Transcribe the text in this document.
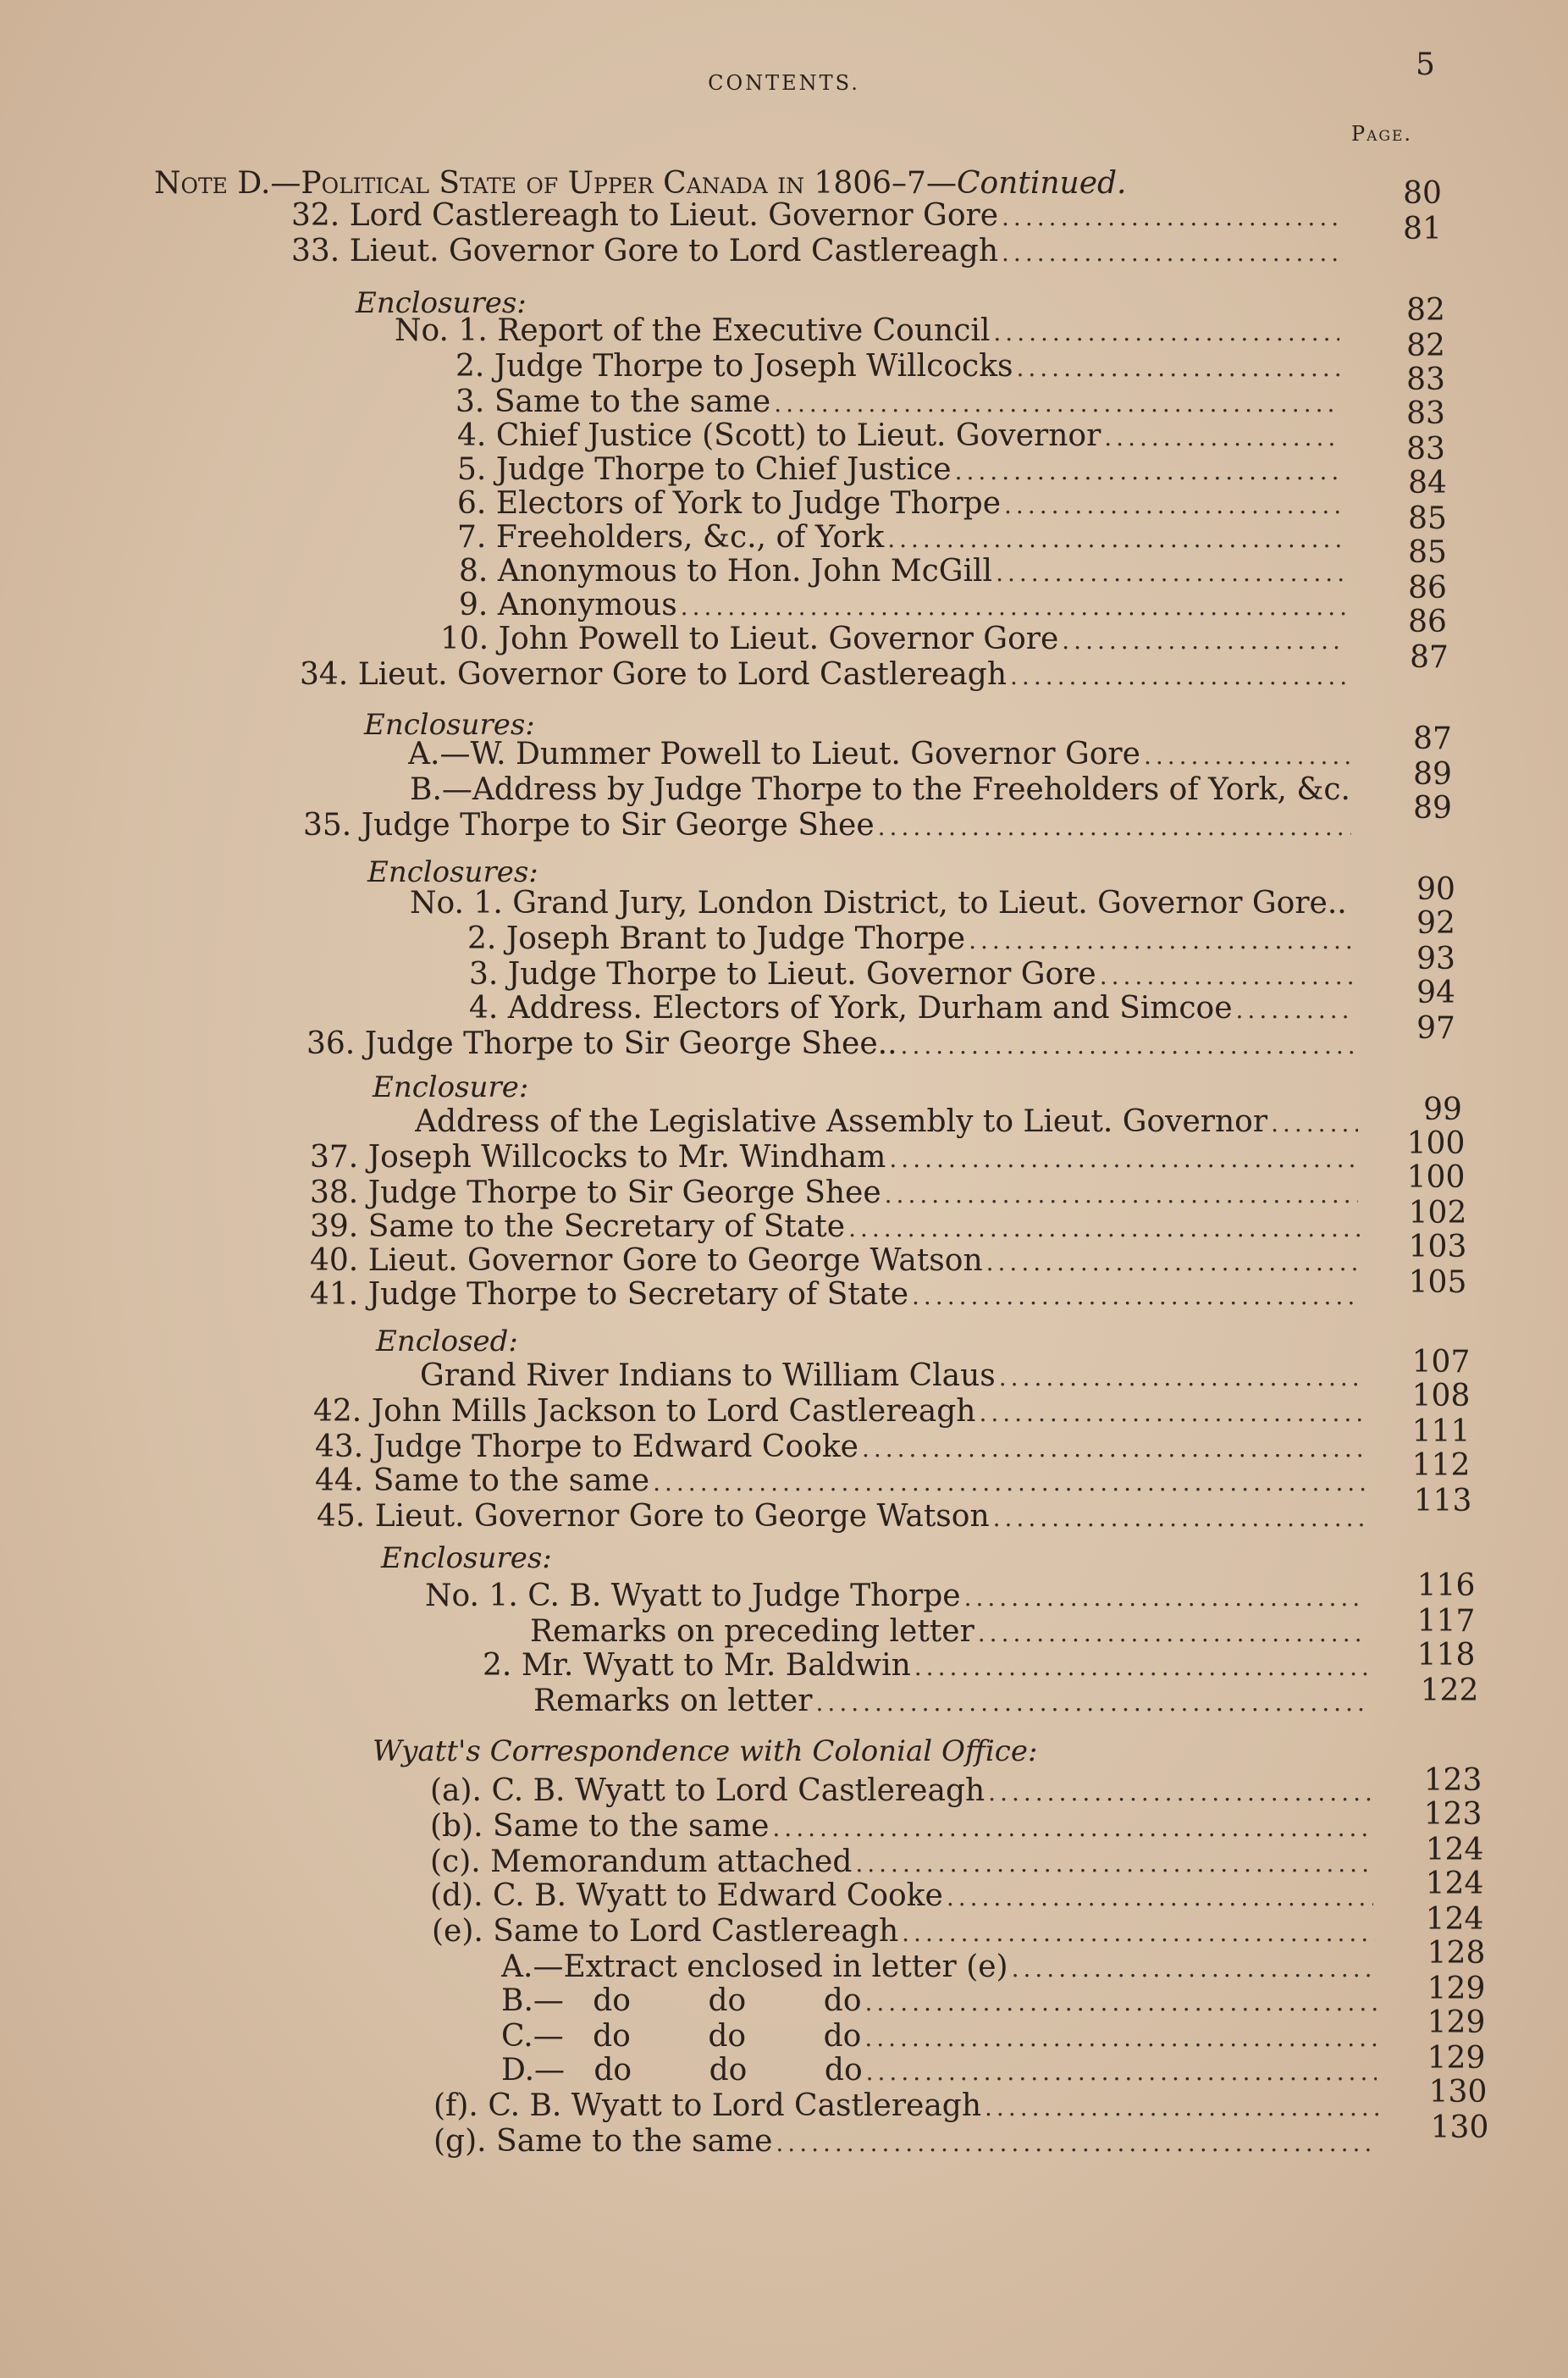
5
CONTENTS.
Page.
Note D.—Political State of Upper Canada in 1806–7—Continued.
Enclosures:
Enclosures:
Enclosures:
Enclosure:
Enclosed:
Enclosures:
Wyatt's Correspondence with Colonial Office:
32. Lord Castlereagh to Lieut. Governor Gore
.....
33. Lieut. Governor Gore to Lord Castlereagh
.....
No. 1. Report of the Executive Council
.....
2. Judge Thorpe to Joseph Willcocks
.....
3. Same to the same
.....
4. Chief Justice (Scott) to Lieut. Governor
.....
5. Judge Thorpe to Chief Justice
.....
6. Electors of York to Judge Thorpe
.....
7. Freeholders, &c., of York
.....
8. Anonymous to Hon. John McGill
.....
9. Anonymous
.....
10. John Powell to Lieut. Governor Gore
.....
34. Lieut. Governor Gore to Lord Castlereagh
.....
A.—W. Dummer Powell to Lieut. Governor Gore
.....
B.—Address by Judge Thorpe to the Freeholders of York, &c.
35. Judge Thorpe to Sir George Shee
.....
No. 1. Grand Jury, London District, to Lieut. Governor Gore..
2. Joseph Brant to Judge Thorpe
.....
3. Judge Thorpe to Lieut. Governor Gore
.....
4. Address. Electors of York, Durham and Simcoe
.....
36. Judge Thorpe to Sir George Shee..
.....
Address of the Legislative Assembly to Lieut. Governor
.....
37. Joseph Willcocks to Mr. Windham
.....
38. Judge Thorpe to Sir George Shee
.....
39. Same to the Secretary of State
.....
40. Lieut. Governor Gore to George Watson
.....
41. Judge Thorpe to Secretary of State
.....
Grand River Indians to William Claus
.....
42. John Mills Jackson to Lord Castlereagh
.....
43. Judge Thorpe to Edward Cooke
.....
44. Same to the same
.....
45. Lieut. Governor Gore to George Watson
.....
No. 1. C. B. Wyatt to Judge Thorpe
.....
Remarks on preceding letter
.....
2. Mr. Wyatt to Mr. Baldwin
.....
Remarks on letter
.....
(a). C. B. Wyatt to Lord Castlereagh
.....
(b). Same to the same
.....
(c). Memorandum attached
.....
(d). C. B. Wyatt to Edward Cooke
.....
(e). Same to Lord Castlereagh
.....
A.—Extract enclosed in letter (e)
.....
B.— do        do        do
.....
C.— do        do        do
.....
D.— do        do        do
.....
(f). C. B. Wyatt to Lord Castlereagh
.....
(g). Same to the same
.....
80
81
82
82
83
83
83
84
85
85
86
86
87
87
89
89
90
92
93
94
97
99
100
100
102
103
105
107
108
111
112
113
116
117
118
122
123
123
124
124
124
128
129
129
129
130
130
